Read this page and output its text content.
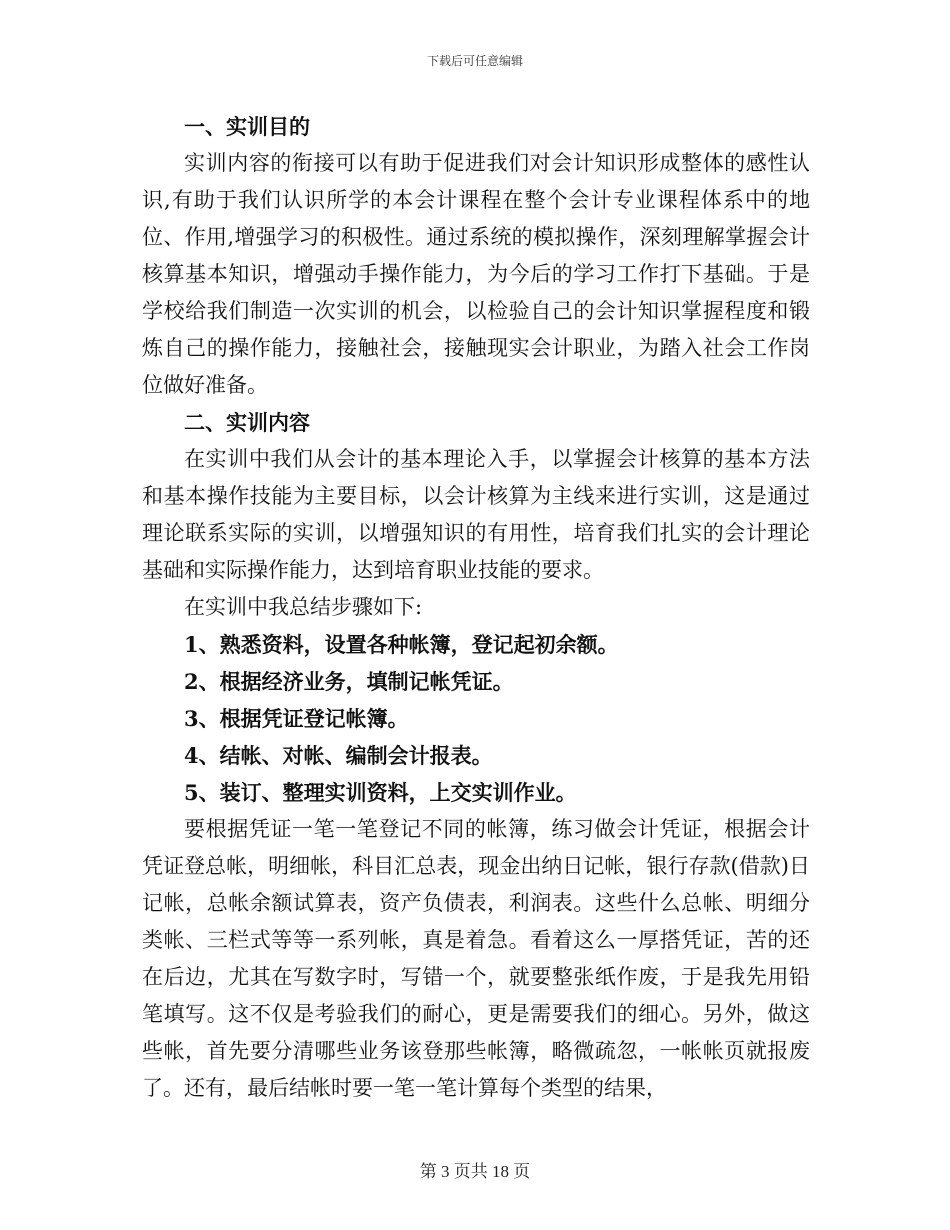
下载后可任意编辑

一、实训目的

实训内容的衔接可以有助于促进我们对会计知识形成整体的感性认识,有助于我们认识所学的本会计课程在整个会计专业课程体系中的地位、作用,增强学习的积极性。通过系统的模拟操作，深刻理解掌握会计核算基本知识，增强动手操作能力，为今后的学习工作打下基础。于是学校给我们制造一次实训的机会，以检验自己的会计知识掌握程度和锻炼自己的操作能力，接触社会，接触现实会计职业，为踏入社会工作岗位做好准备。

二、实训内容

在实训中我们从会计的基本理论入手，以掌握会计核算的基本方法和基本操作技能为主要目标，以会计核算为主线来进行实训，这是通过理论联系实际的实训，以增强知识的有用性，培育我们扎实的会计理论基础和实际操作能力，达到培育职业技能的要求。

在实训中我总结步骤如下:

1、熟悉资料，设置各种帐簿，登记起初余额。

2、根据经济业务，填制记帐凭证。

3、根据凭证登记帐簿。

4、结帐、对帐、编制会计报表。

5、装订、整理实训资料，上交实训作业。

要根据凭证一笔一笔登记不同的帐簿，练习做会计凭证，根据会计凭证登总帐，明细帐，科目汇总表，现金出纳日记帐，银行存款(借款)日记帐，总帐余额试算表，资产负债表，利润表。这些什么总帐、明细分类帐、三栏式等等一系列帐，真是着急。看着这么一厚搭凭证，苦的还在后边，尤其在写数字时，写错一个，就要整张纸作废，于是我先用铅笔填写。这不仅是考验我们的耐心，更是需要我们的细心。另外，做这些帐，首先要分清哪些业务该登那些帐簿，略微疏忽，一帐帐页就报废了。还有，最后结帐时要一笔一笔计算每个类型的结果，

第 3 页共 18 页
